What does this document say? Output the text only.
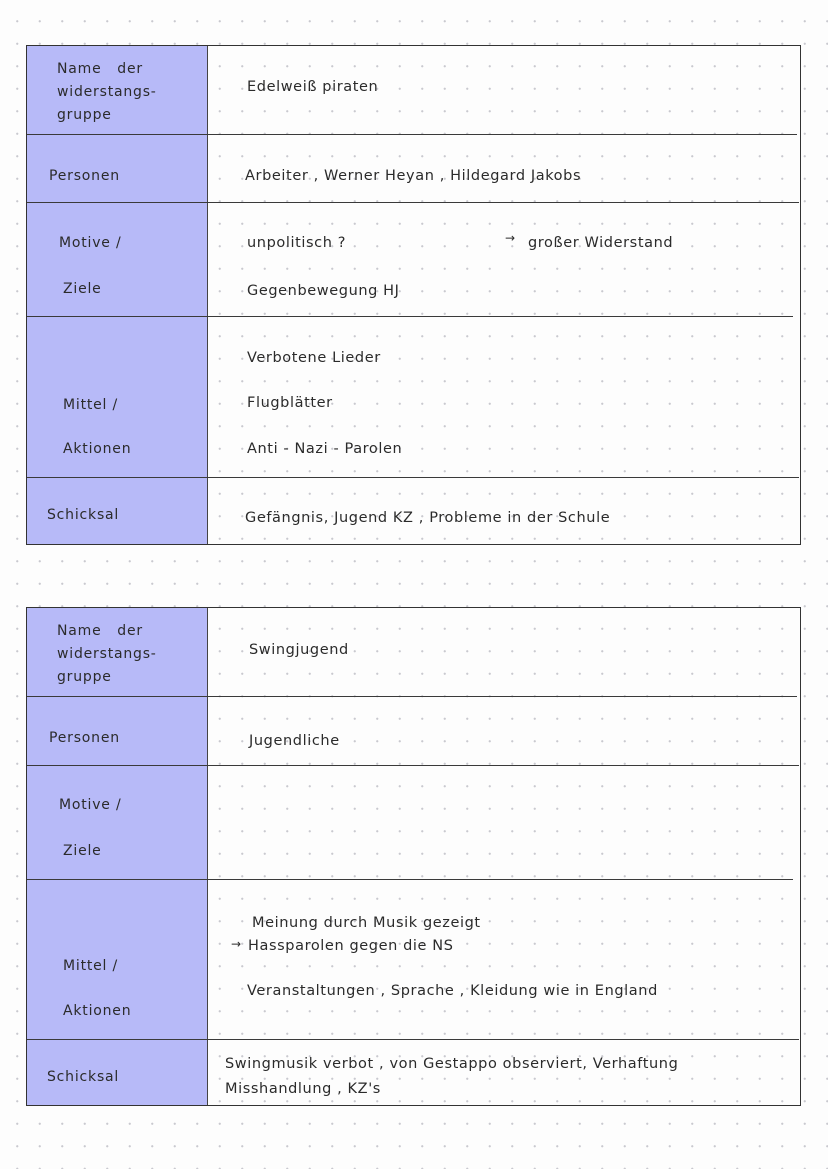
Name   der
widerstangs-
gruppe
Personen
Motive /
Ziele
Mittel /
Aktionen
Schicksal
Edelweiß piraten
Arbeiter , Werner Heyan , Hildegard Jakobs
unpolitisch ?	→ großer Widerstand
Gegenbewegung HJ
Verbotene Lieder
Flugblätter
Anti - Nazi - Parolen
Gefängnis, Jugend KZ , Probleme in der Schule
Name   der
widerstangs-
gruppe
Personen
Motive /
Ziele
Mittel /
Aktionen
Schicksal
Swingjugend
Jugendliche
Meinung durch Musik gezeigt
→ Hassparolen gegen die NS
Veranstaltungen , Sprache , Kleidung wie in England
Swingmusik verbot , von Gestappo observiert, Verhaftung
Misshandlung , KZ's
